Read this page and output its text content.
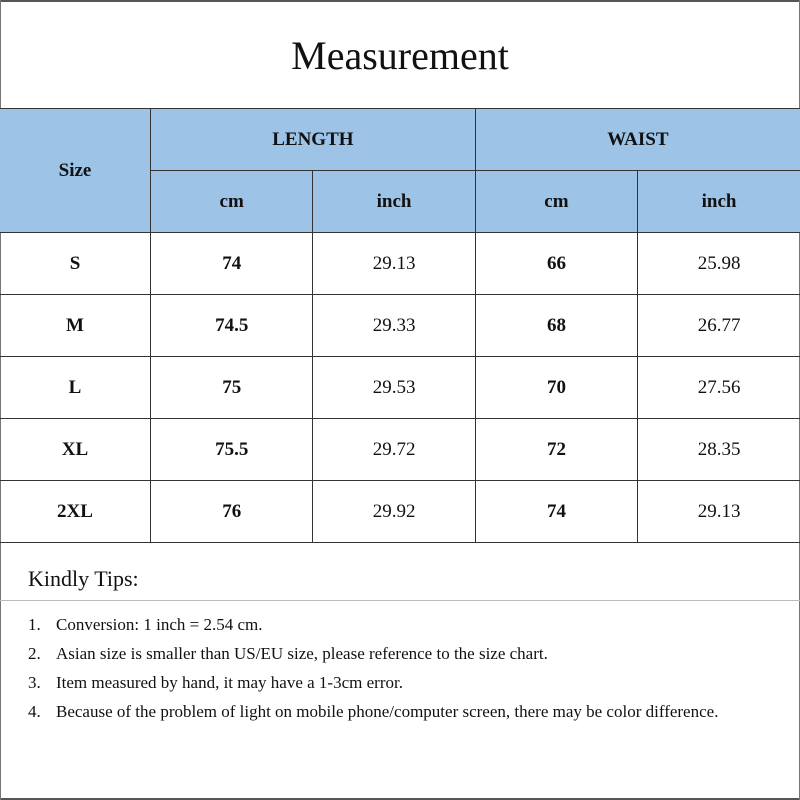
Measurement
Size	LENGTH		WAIST	
	cm	inch	cm	inch
S	74	29.13	66	25.98
M	74.5	29.33	68	26.77
L	75	29.53	70	27.56
XL	75.5	29.72	72	28.35
2XL	76	29.92	74	29.13
Kindly Tips:
1. Conversion: 1 inch = 2.54 cm.
2. Asian size is smaller than US/EU size, please reference to the size chart.
3. Item measured by hand, it may have a 1-3cm error.
4. Because of the problem of light on mobile phone/computer screen, there may be color difference.
